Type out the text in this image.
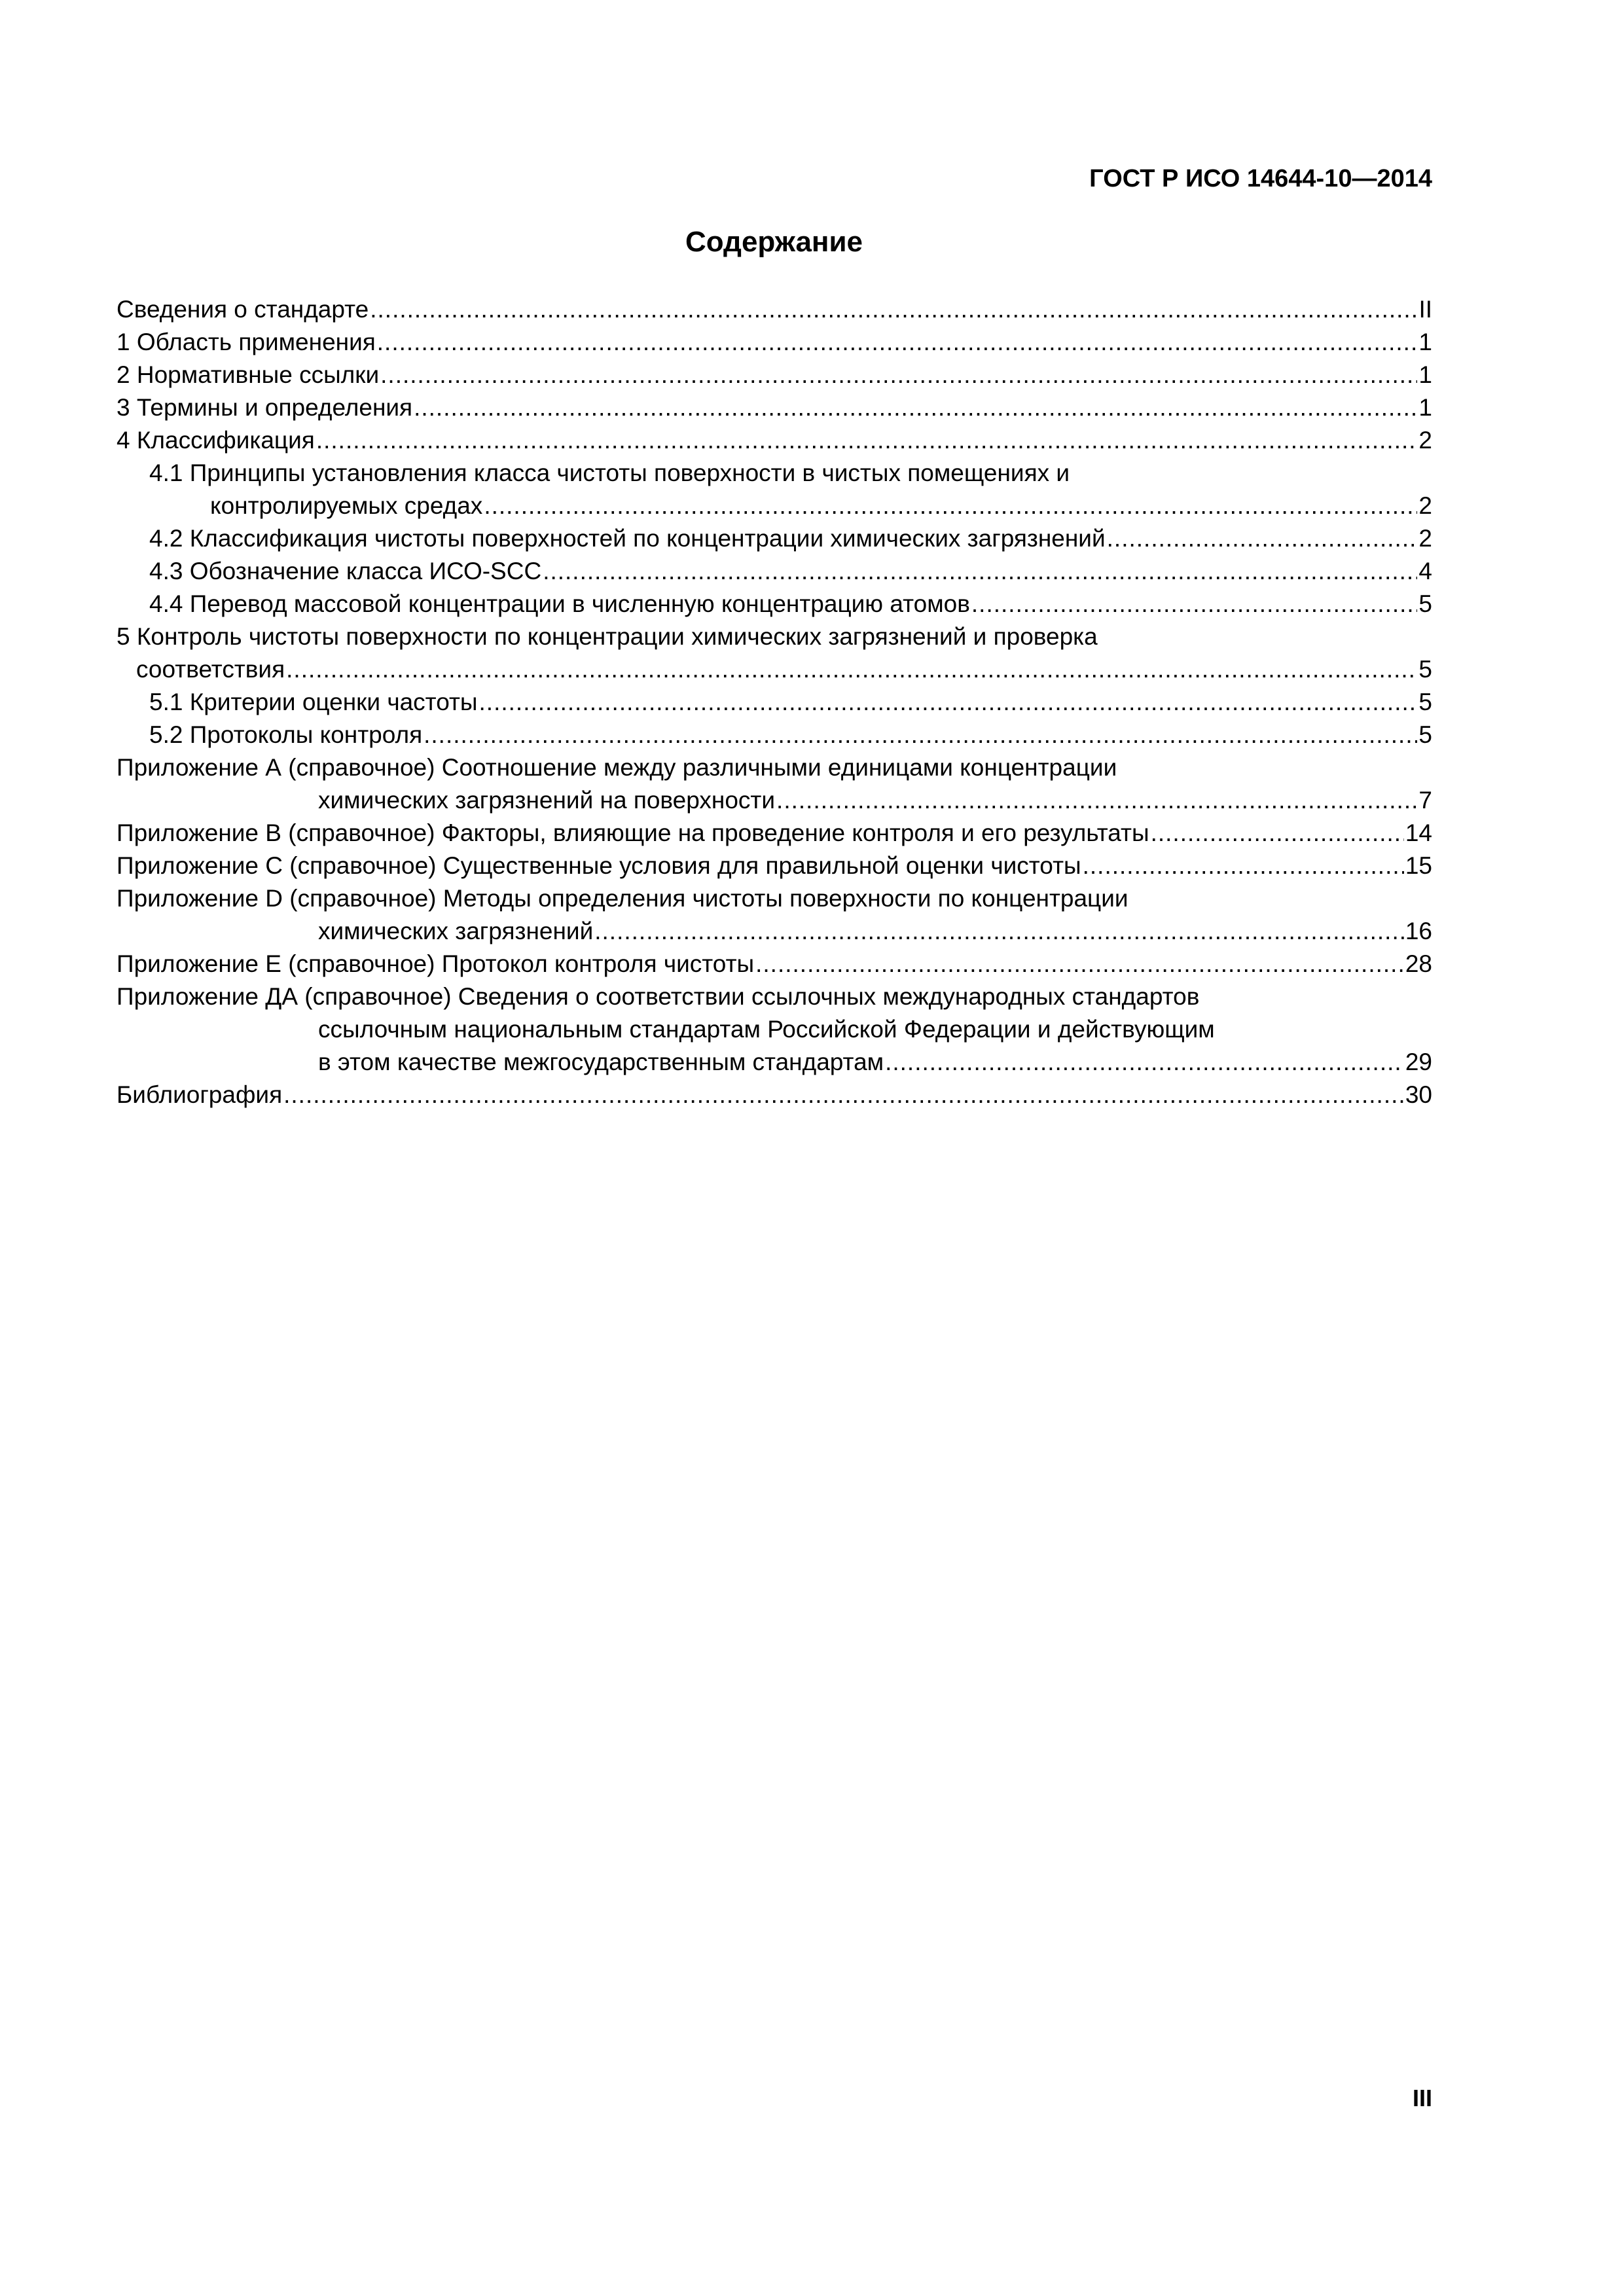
ГОСТ Р ИСО 14644-10—2014
Содержание
Сведения о стандарте .....	II
1 Область применения .....	1
2 Нормативные ссылки .....	1
3 Термины и определения .....	1
4 Классификация .....	2
4.1 Принципы установления класса чистоты поверхности в чистых помещениях и
контролируемых средах .....	2
4.2 Классификация чистоты поверхностей по концентрации химических загрязнений .....	2
4.3 Обозначение класса ИСО-SCC .....	4
4.4 Перевод массовой концентрации в численную концентрацию атомов .....	5
5 Контроль чистоты поверхности по концентрации химических загрязнений и проверка
соответствия .....	5
5.1 Критерии оценки частоты .....	5
5.2 Протоколы контроля .....	5
Приложение А (справочное) Соотношение между различными единицами концентрации
химических загрязнений на поверхности .....	7
Приложение В (справочное) Факторы, влияющие на проведение контроля и его результаты .....	14
Приложение С (справочное) Существенные условия для правильной оценки чистоты .....	15
Приложение D (справочное) Методы определения чистоты поверхности по концентрации
химических загрязнений .....	16
Приложение Е (справочное) Протокол контроля чистоты .....	28
Приложение ДА (справочное) Сведения о соответствии ссылочных международных стандартов
ссылочным национальным стандартам Российской Федерации и действующим
в этом качестве межгосударственным стандартам .....	29
Библиография .....	30
III
